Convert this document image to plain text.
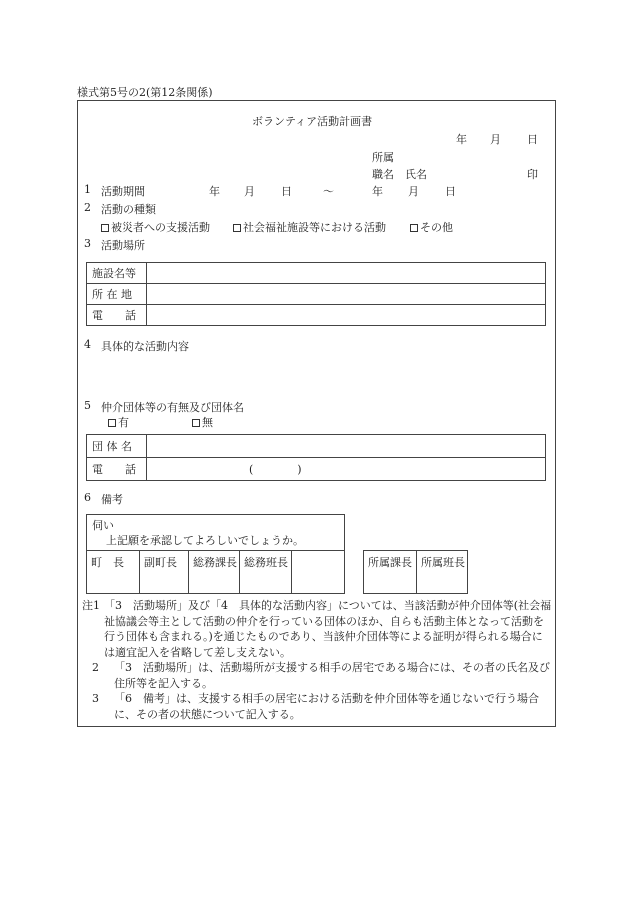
様式第5号の2(第12条関係)
ボランティア活動計画書
年 月 日
所属
職名 氏名	印
1 活動期間	年 月 日	〜	年 月 日
2 活動の種類
被災者への支援活動	社会福祉施設等における活動	その他
3 活動場所
施設名等	
所 在 地	
電　　話	
4 具体的な活動内容
5 仲介団体等の有無及び団体名
有	無
団 体 名	
電　　話	(　　　　)
6 備考
伺い
上記願を承認してよろしいでしょうか。
町　長	副町長	総務課長 総務班長	所属課長 所属班長
注1 「3　活動場所」及び「4　具体的な活動内容」については、当該活動が仲介団体等(社会福祉協議会等主として活動の仲介を行っている団体のほか、自らも活動主体となって活動を行う団体も含まれる。)を通じたものであり、当該仲介団体等による証明が得られる場合には適宜記入を省略して差し支えない。
2	「3　活動場所」は、活動場所が支援する相手の居宅である場合には、その者の氏名及び住所等を記入する。
3	「6　備考」は、支援する相手の居宅における活動を仲介団体等を通じないで行う場合に、その者の状態について記入する。
